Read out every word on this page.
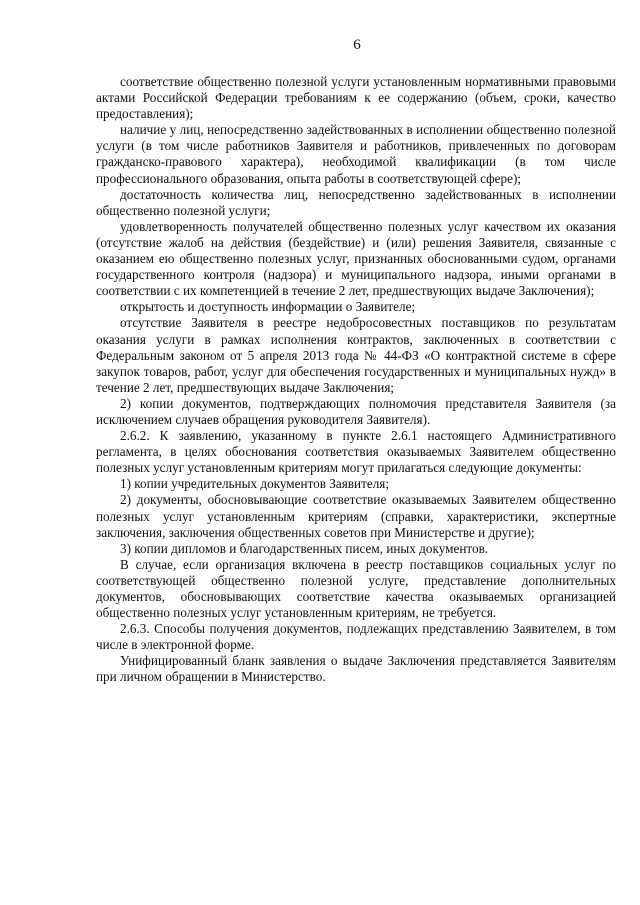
6

соответствие общественно полезной услуги установленным нормативными правовыми актами Российской Федерации требованиям к ее содержанию (объем, сроки, качество предоставления);

наличие у лиц, непосредственно задействованных в исполнении общественно полезной услуги (в том числе работников Заявителя и работников, привлеченных по договорам гражданско-правового характера), необходимой квалификации (в том числе профессионального образования, опыта работы в соответствующей сфере);

достаточность количества лиц, непосредственно задействованных в исполнении общественно полезной услуги;

удовлетворенность получателей общественно полезных услуг качеством их оказания (отсутствие жалоб на действия (бездействие) и (или) решения Заявителя, связанные с оказанием ею общественно полезных услуг, признанных обоснованными судом, органами государственного контроля (надзора) и муниципального надзора, иными органами в соответствии с их компетенцией в течение 2 лет, предшествующих выдаче Заключения);

открытость и доступность информации о Заявителе;

отсутствие Заявителя в реестре недобросовестных поставщиков по результатам оказания услуги в рамках исполнения контрактов, заключенных в соответствии с Федеральным законом от 5 апреля 2013 года № 44-ФЗ «О контрактной системе в сфере закупок товаров, работ, услуг для обеспечения государственных и муниципальных нужд» в течение 2 лет, предшествующих выдаче Заключения;

2) копии документов, подтверждающих полномочия представителя Заявителя (за исключением случаев обращения руководителя Заявителя).

2.6.2. К заявлению, указанному в пункте 2.6.1 настоящего Административного регламента, в целях обоснования соответствия оказываемых Заявителем общественно полезных услуг установленным критериям могут прилагаться следующие документы:

1) копии учредительных документов Заявителя;

2) документы, обосновывающие соответствие оказываемых Заявителем общественно полезных услуг установленным критериям (справки, характеристики, экспертные заключения, заключения общественных советов при Министерстве и другие);

3) копии дипломов и благодарственных писем, иных документов.

В случае, если организация включена в реестр поставщиков социальных услуг по соответствующей общественно полезной услуге, представление дополнительных документов, обосновывающих соответствие качества оказываемых организацией общественно полезных услуг установленным критериям, не требуется.

2.6.3. Способы получения документов, подлежащих представлению Заявителем, в том числе в электронной форме.

Унифицированный бланк заявления о выдаче Заключения представляется Заявителям при личном обращении в Министерство.
